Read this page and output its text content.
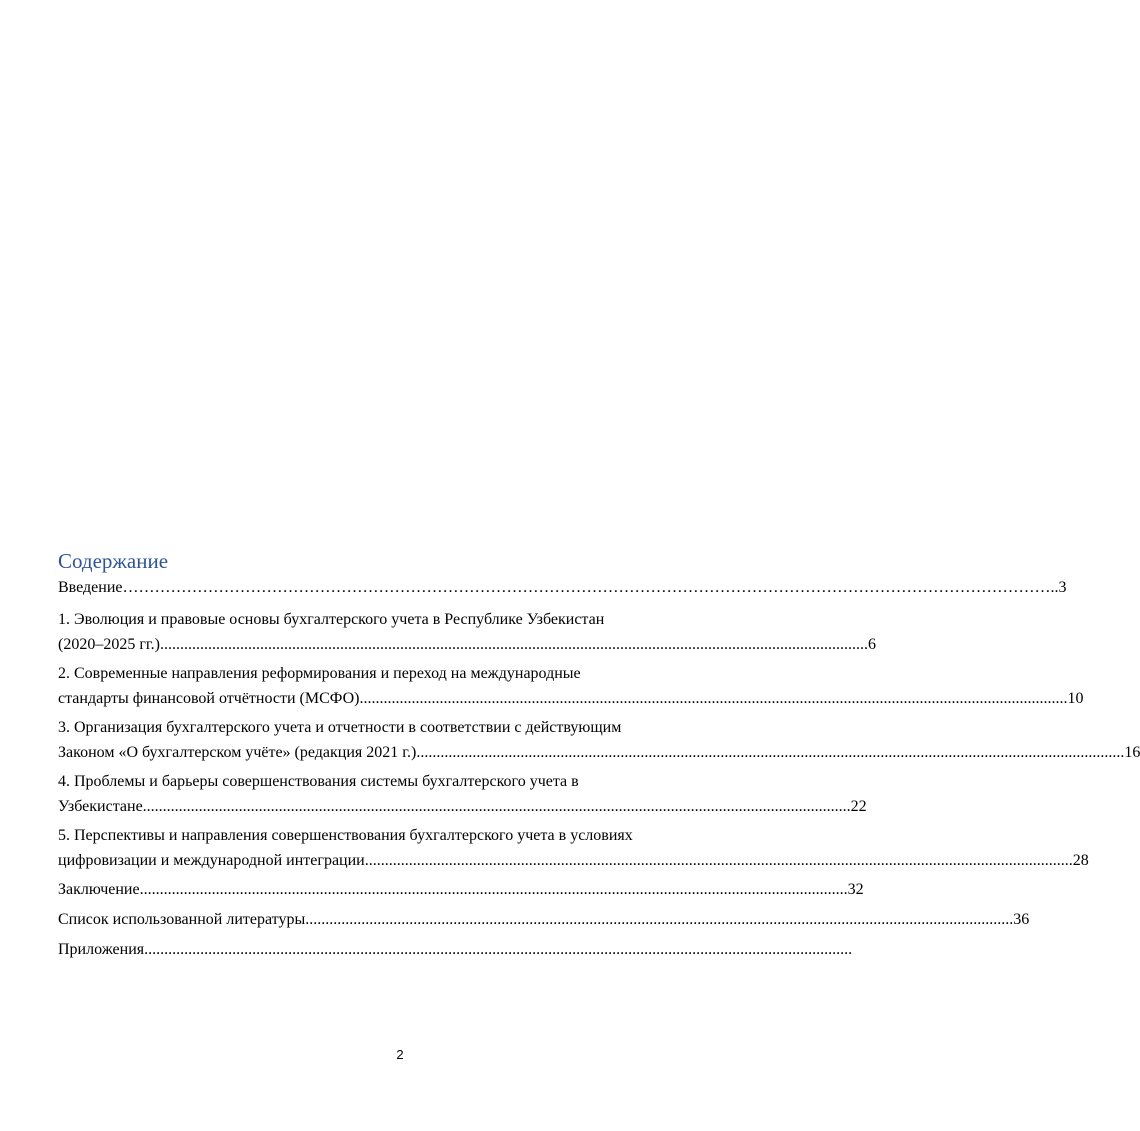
Содержание
Введение ………………………………………………………………………………………………………………………………………………………….. 3
1. Эволюция и правовые основы бухгалтерского учета в Республике Узбекистан
(2020–2025 гг.) ................................................................................................................................................................................. 6
2. Современные направления реформирования и переход на международные
стандарты финансовой отчётности (МСФО) ................................................................................................................................................................................. 10
3. Организация бухгалтерского учета и отчетности в соответствии с действующим
Законом «О бухгалтерском учёте» (редакция 2021 г.) ................................................................................................................................................................................. 16
4. Проблемы и барьеры совершенствования системы бухгалтерского учета в
Узбекистане ................................................................................................................................................................................. 22
5. Перспективы и направления совершенствования бухгалтерского учета в условиях
цифровизации и международной интеграции ................................................................................................................................................................................. 28
Заключение ................................................................................................................................................................................. 32
Список использованной литературы ................................................................................................................................................................................. 36
Приложения .................................................................................................................................................................................
2
